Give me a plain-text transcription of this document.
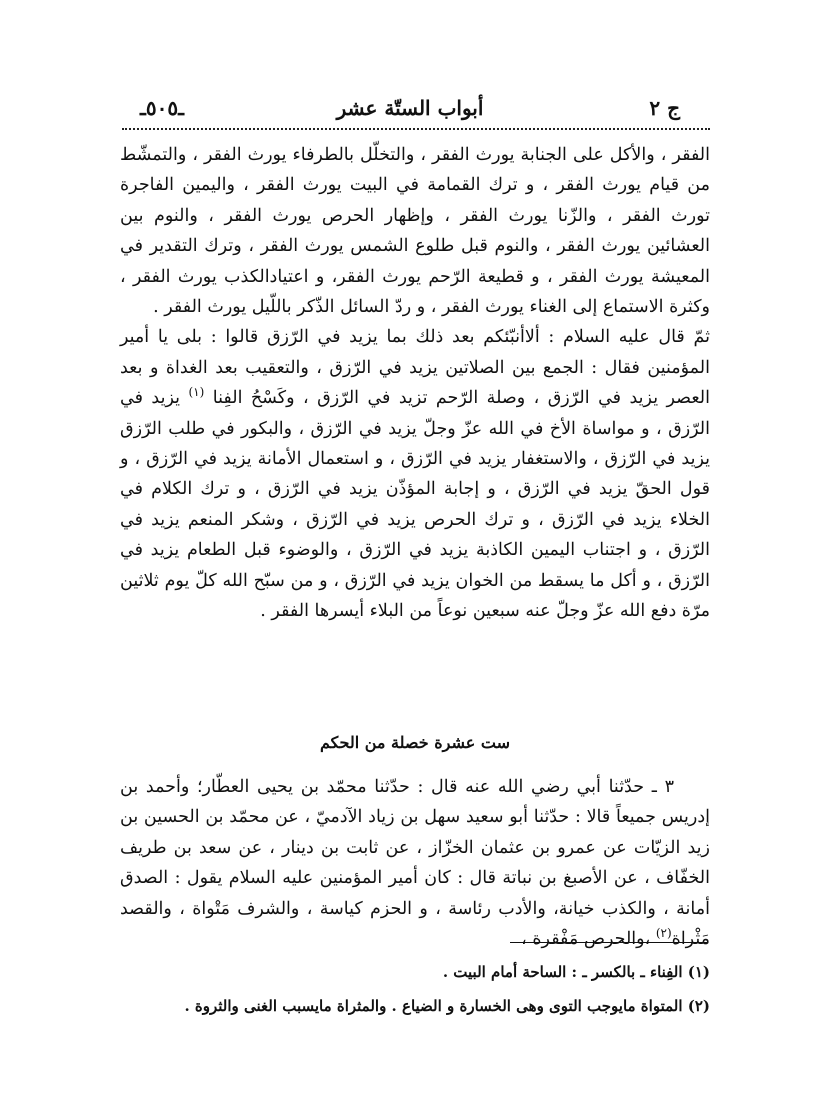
ج ٢
أبواب الستّة عشر
ـ٥٠٥ـ

الفقر ، والأكل على الجنابة يورث الفقر ، والتخلّل بالطرفاء يورث الفقر ، والتمشّط من قيام يورث الفقر ، و ترك القمامة في البيت يورث الفقر ، واليمين الفاجرة تورث الفقر ، والزّنا يورث الفقر ، وإظهار الحرص يورث الفقر ، والنوم بين العشائين يورث الفقر ، والنوم قبل طلوع الشمس يورث الفقر ، وترك التقدير في المعيشة يورث الفقر ، و قطيعة الرّحم يورث الفقر، و اعتيادالكذب يورث الفقر ، وكثرة الاستماع إلى الغناء يورث الفقر ، و ردّ السائل الذّكر باللّيل يورث الفقر .

ثمّ قال عليه السلام : ألاأنبّئكم بعد ذلك بما يزيد في الرّزق قالوا : بلى يا أمير المؤمنين فقال : الجمع بين الصلاتين يزيد في الرّزق ، والتعقيب بعد الغداة و بعد العصر يزيد في الرّزق ، وصلة الرّحم تزيد في الرّزق ، وكَسْحُ الفِنا $^{(١)}$ يزيد في الرّزق ، و مواساة الأخ في الله عزّ وجلّ يزيد في الرّزق ، والبكور في طلب الرّزق يزيد في الرّزق ، والاستغفار يزيد في الرّزق ، و استعمال الأمانة يزيد في الرّزق ، و قول الحقّ يزيد في الرّزق ، و إجابة المؤذّن يزيد في الرّزق ، و ترك الكلام في الخلاء يزيد في الرّزق ، و ترك الحرص يزيد في الرّزق ، وشكر المنعم يزيد في الرّزق ، و اجتناب اليمين الكاذبة يزيد في الرّزق ، والوضوء قبل الطعام يزيد في الرّزق ، و أكل ما يسقط من الخوان يزيد في الرّزق ، و من سبّح الله كلّ يوم ثلاثين مرّة دفع الله عزّ وجلّ عنه سبعين نوعاً من البلاء أيسرها الفقر .

ست عشرة خصلة من الحكم

٣ ـ حدّثنا أبي رضي الله عنه قال : حدّثنا محمّد بن يحيى العطّار؛ وأحمد بن إدريس جميعاً قالا : حدّثنا أبو سعيد سهل بن زياد الآدميّ ، عن محمّد بن الحسين بن زيد الزيّات عن عمرو بن عثمان الخزّاز ، عن ثابت بن دينار ، عن سعد بن طريف الخفّاف ، عن الأصبغ بن نباتة قال : كان أمير المؤمنين عليه السلام يقول : الصدق أمانة ، والكذب خيانة، والأدب رئاسة ، و الحزم كياسة ، والشرف مَتْواة ، والقصد مَثْراة$^{(٢)}$ ،والحرص مَفْقرة ،

(١) الفِناء ـ بالكسر ـ : الساحة أمام البيت .
(٢) المتواة مايوجب التوى وهى الخسارة و الضياع . والمثراة مايسبب الغنى والثروة .
